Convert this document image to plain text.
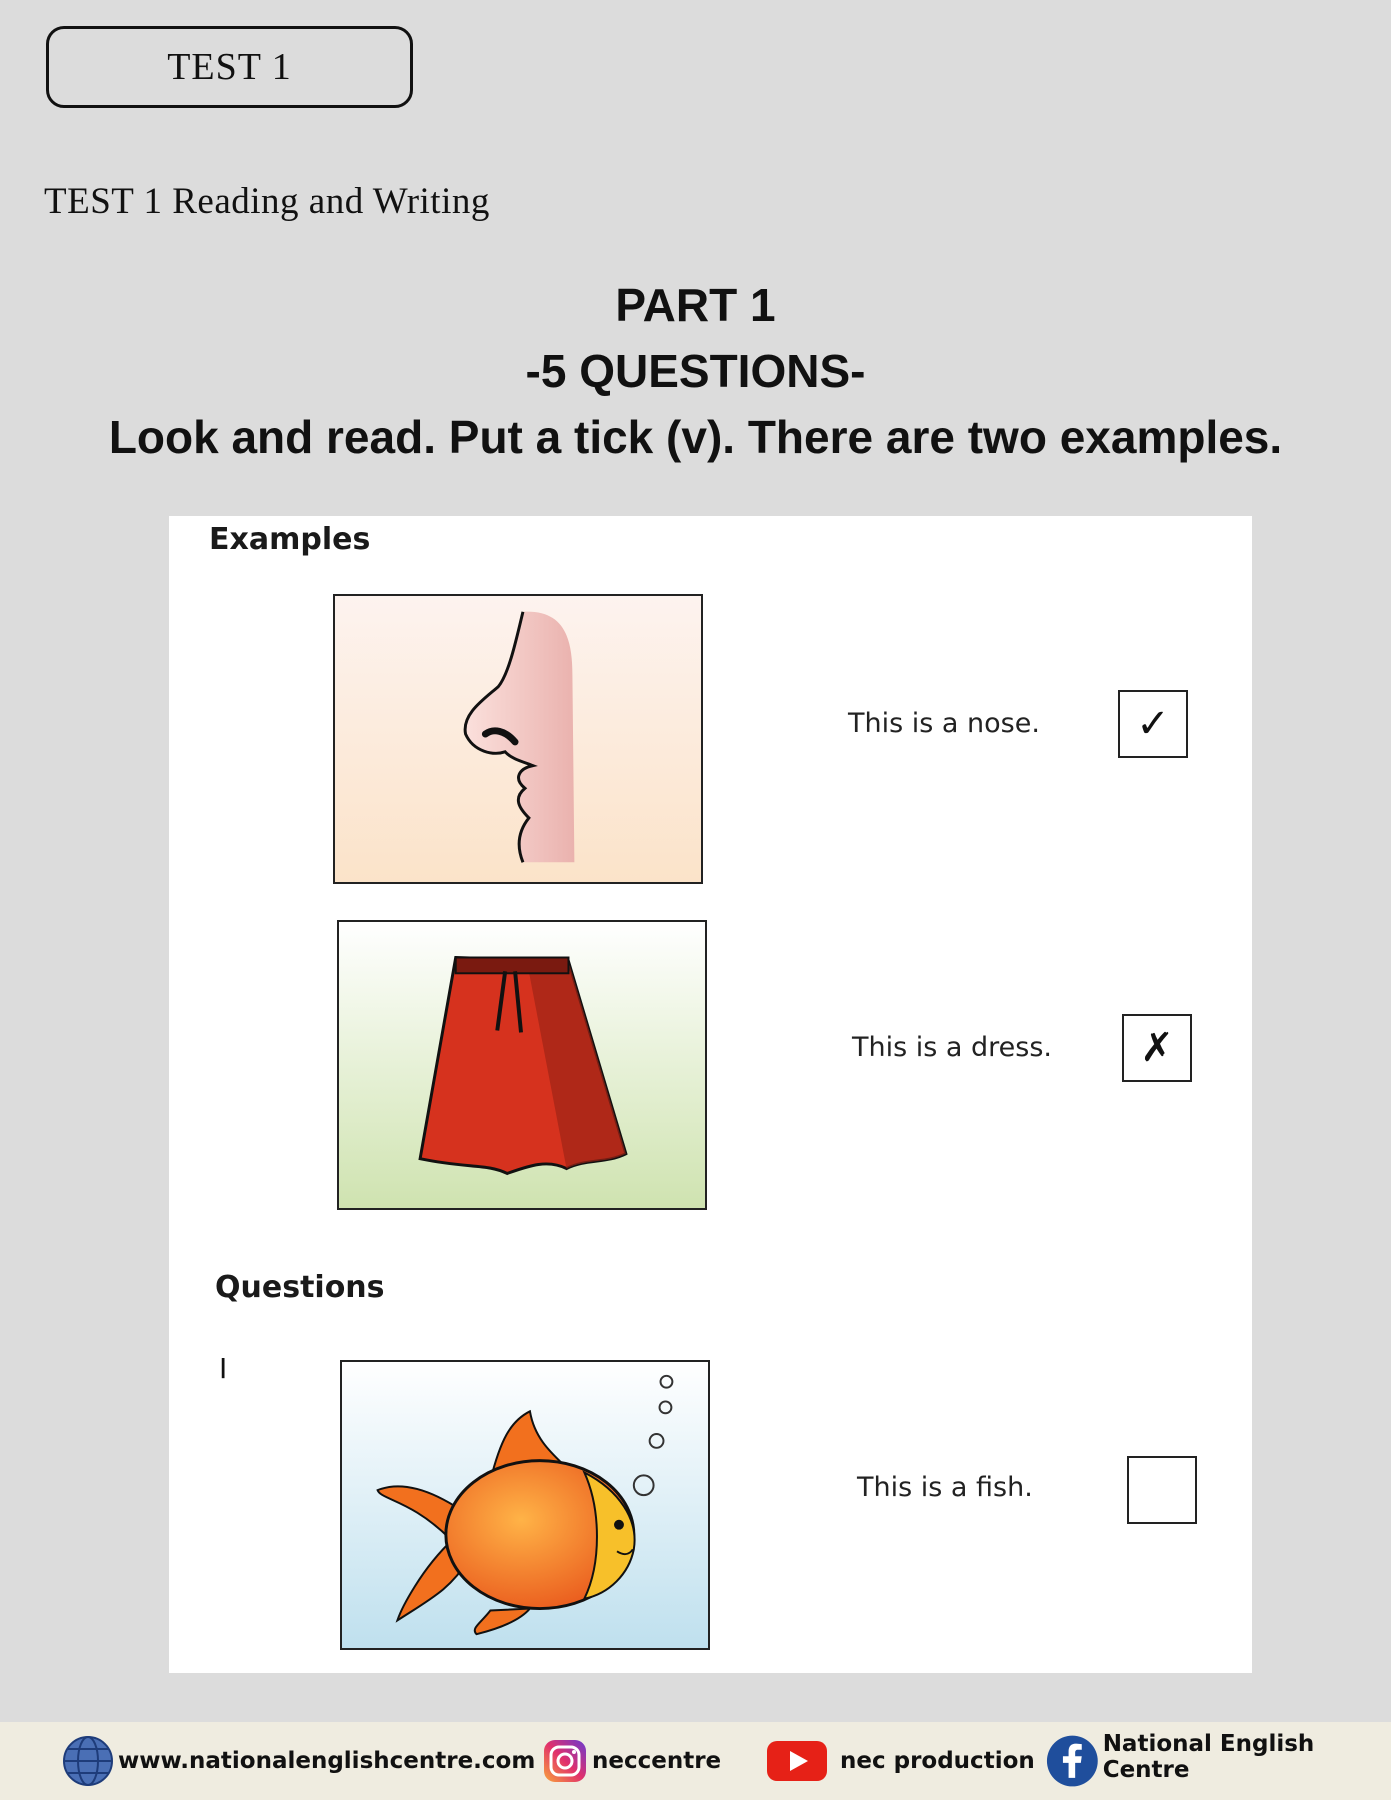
TEST 1
TEST 1 Reading and Writing
PART 1
-5 QUESTIONS-
Look and read. Put a tick (v). There are two examples.
Examples
This is a nose. ✓
This is a dress. ✗
Questions
I
This is a fish.
www.nationalenglishcentre.com neccentre	nec production
National English Centre
